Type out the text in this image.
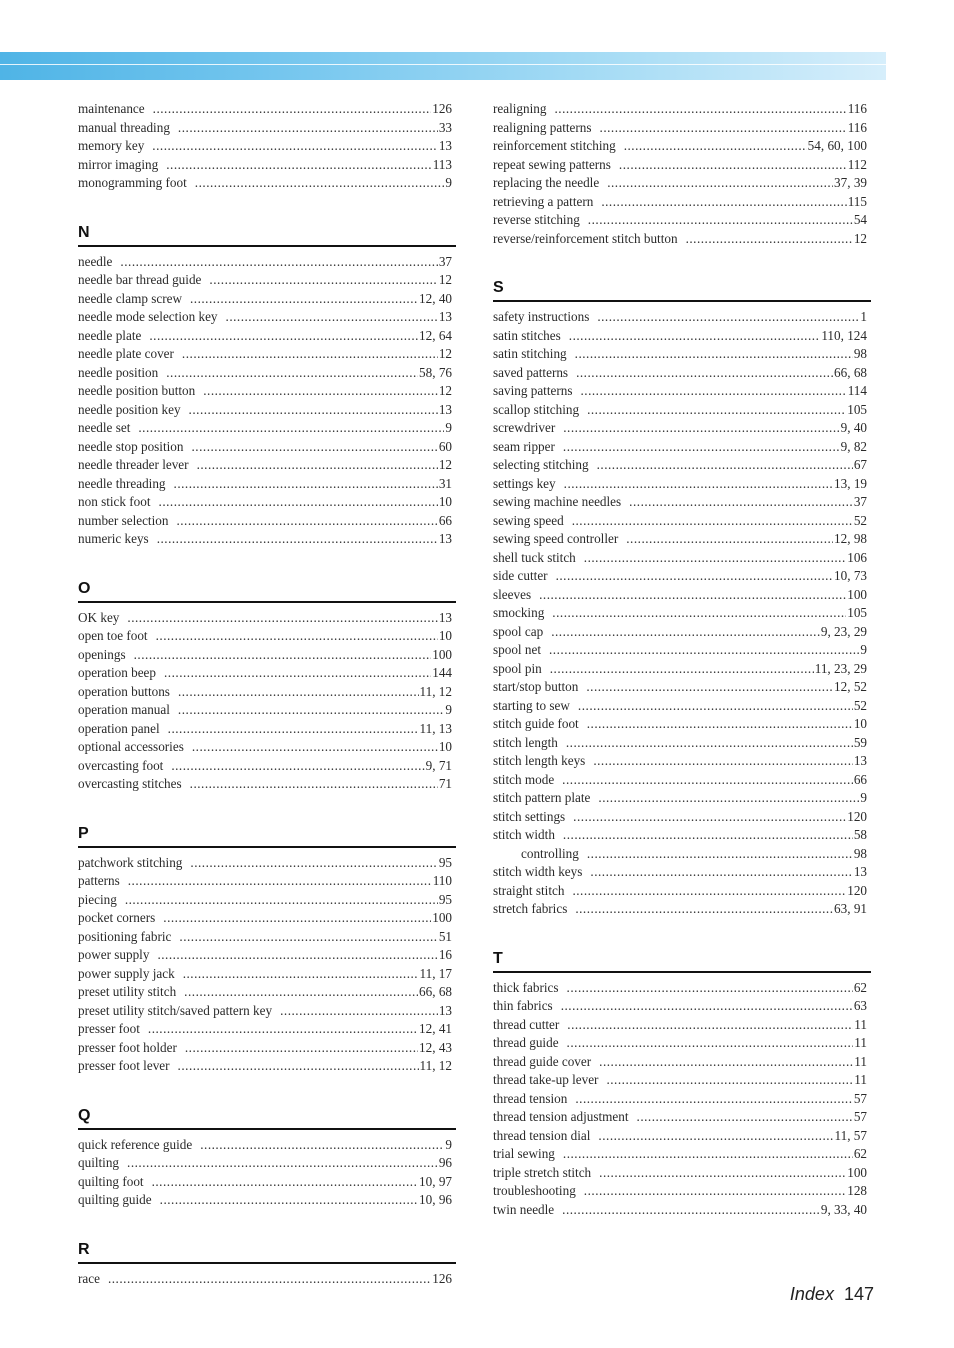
maintenance .....	126
manual threading .....	33
memory key .....	13
mirror imaging .....	113
monogramming foot .....	9
N
needle .....	37
needle bar thread guide .....	12
needle clamp screw .....	12, 40
needle mode selection key .....	13
needle plate .....	12, 64
needle plate cover .....	12
needle position .....	58, 76
needle position button .....	12
needle position key .....	13
needle set .....	9
needle stop position .....	60
needle threader lever .....	12
needle threading .....	31
non stick foot .....	10
number selection .....	66
numeric keys .....	13
O
OK key .....	13
open toe foot .....	10
openings .....	100
operation beep .....	144
operation buttons .....	11, 12
operation manual .....	9
operation panel .....	11, 13
optional accessories .....	10
overcasting foot .....	9, 71
overcasting stitches .....	71
P
patchwork stitching .....	95
patterns .....	110
piecing .....	95
pocket corners .....	100
positioning fabric .....	51
power supply .....	16
power supply jack .....	11, 17
preset utility stitch .....	66, 68
preset utility stitch/saved pattern key .....	13
presser foot .....	12, 41
presser foot holder .....	12, 43
presser foot lever .....	11, 12
Q
quick reference guide .....	9
quilting .....	96
quilting foot .....	10, 97
quilting guide .....	10, 96
R
race .....	126
realigning .....	116
realigning patterns .....	116
reinforcement stitching .....	54, 60, 100
repeat sewing patterns .....	112
replacing the needle .....	37, 39
retrieving a pattern .....	115
reverse stitching .....	54
reverse/reinforcement stitch button .....	12
S
safety instructions .....	1
satin stitches .....	110, 124
satin stitching .....	98
saved patterns .....	66, 68
saving patterns .....	114
scallop stitching .....	105
screwdriver .....	9, 40
seam ripper .....	9, 82
selecting stitching .....	67
settings key .....	13, 19
sewing machine needles .....	37
sewing speed .....	52
sewing speed controller .....	12, 98
shell tuck stitch .....	106
side cutter .....	10, 73
sleeves .....	100
smocking .....	105
spool cap .....	9, 23, 29
spool net .....	9
spool pin .....	11, 23, 29
start/stop button .....	12, 52
starting to sew .....	52
stitch guide foot .....	10
stitch length .....	59
stitch length keys .....	13
stitch mode .....	66
stitch pattern plate .....	9
stitch settings .....	120
stitch width .....	58
controlling .....	98
stitch width keys .....	13
straight stitch .....	120
stretch fabrics .....	63, 91
T
thick fabrics .....	62
thin fabrics .....	63
thread cutter .....	11
thread guide .....	11
thread guide cover .....	11
thread take-up lever .....	11
thread tension .....	57
thread tension adjustment .....	57
thread tension dial .....	11, 57
trial sewing .....	62
triple stretch stitch .....	100
troubleshooting .....	128
twin needle .....	9, 33, 40
Index 147
